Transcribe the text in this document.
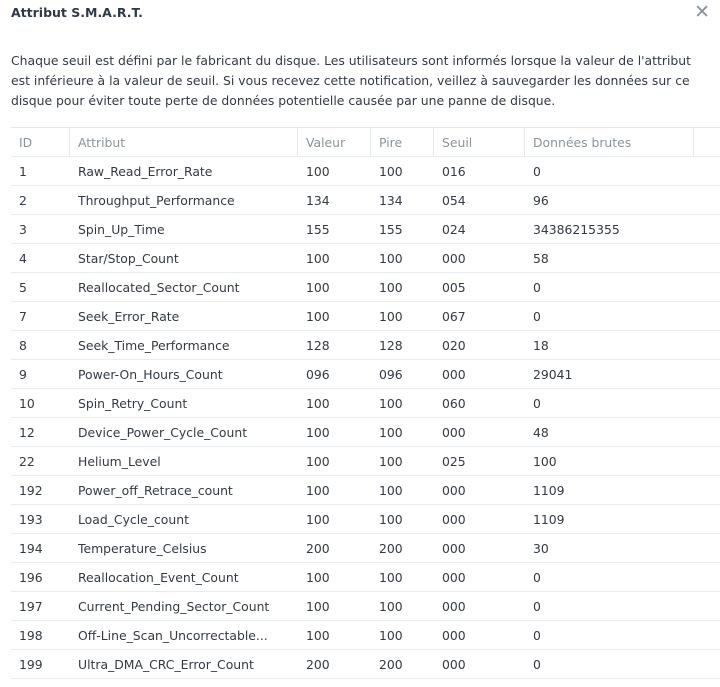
Attribut S.M.A.R.T.	✕
Chaque seuil est défini par le fabricant du disque. Les utilisateurs sont informés lorsque la valeur de l'attribut est inférieure à la valeur de seuil. Si vous recevez cette notification, veillez à sauvegarder les données sur ce disque pour éviter toute perte de données potentielle causée par une panne de disque.
ID	Attribut	Valeur	Pire	Seuil	Données brutes
1	Raw_Read_Error_Rate	100	100	016	0
2	Throughput_Performance	134	134	054	96
3	Spin_Up_Time	155	155	024	34386215355
4	Star/Stop_Count	100	100	000	58
5	Reallocated_Sector_Count	100	100	005	0
7	Seek_Error_Rate	100	100	067	0
8	Seek_Time_Performance	128	128	020	18
9	Power-On_Hours_Count	096	096	000	29041
10	Spin_Retry_Count	100	100	060	0
12	Device_Power_Cycle_Count	100	100	000	48
22	Helium_Level	100	100	025	100
192	Power_off_Retrace_count	100	100	000	1109
193	Load_Cycle_count	100	100	000	1109
194	Temperature_Celsius	200	200	000	30
196	Reallocation_Event_Count	100	100	000	0
197	Current_Pending_Sector_Count	100	100	000	0
198	Off-Line_Scan_Uncorrectable...	100	100	000	0
199	Ultra_DMA_CRC_Error_Count	200	200	000	0
